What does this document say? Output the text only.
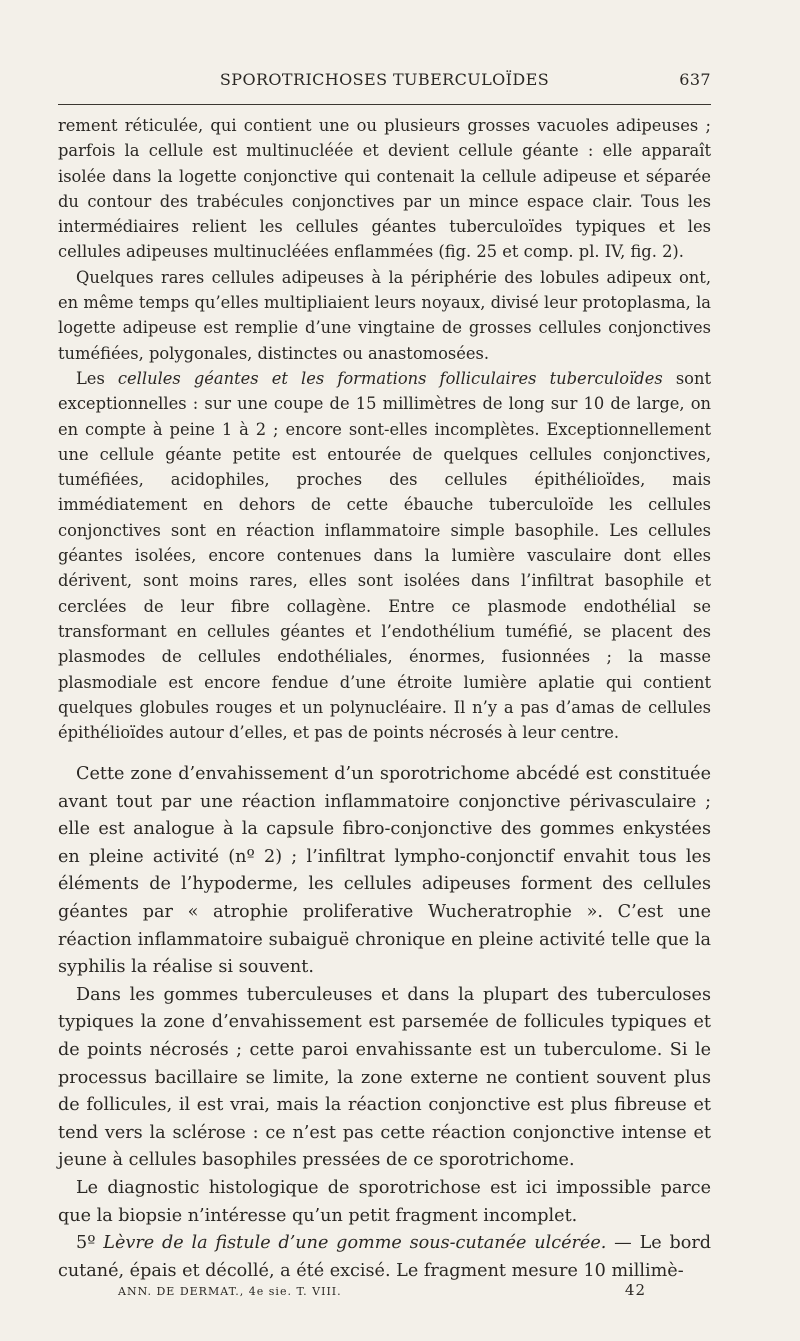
SPOROTRICHOSES TUBERCULOÏDES	637

rement réticulée, qui contient une ou plusieurs grosses vacuoles adipeuses ; parfois la cellule est multinucléée et devient cellule géante : elle apparaît isolée dans la logette conjonctive qui contenait la cellule adipeuse et séparée du contour des trabécules conjonctives par un mince espace clair. Tous les intermédiaires relient les cellules géantes tuberculoïdes typiques et les cellules adipeuses multinucléées enflammées (fig. 25 et comp. pl. IV, fig. 2).

Quelques rares cellules adipeuses à la périphérie des lobules adipeux ont, en même temps qu’elles multipliaient leurs noyaux, divisé leur protoplasma, la logette adipeuse est remplie d’une vingtaine de grosses cellules conjonctives tuméfiées, polygonales, distinctes ou anastomosées.

Les cellules géantes et les formations folliculaires tuberculoïdes sont exceptionnelles : sur une coupe de 15 millimètres de long sur 10 de large, on en compte à peine 1 à 2 ; encore sont-elles incomplètes. Exceptionnellement une cellule géante petite est entourée de quelques cellules conjonctives, tuméfiées, acidophiles, proches des cellules épithélioïdes, mais immédiatement en dehors de cette ébauche tuberculoïde les cellules conjonctives sont en réaction inflammatoire simple basophile. Les cellules géantes isolées, encore contenues dans la lumière vasculaire dont elles dérivent, sont moins rares, elles sont isolées dans l’infiltrat basophile et cerclées de leur fibre collagène. Entre ce plasmode endothélial se transformant en cellules géantes et l’endothélium tuméfié, se placent des plasmodes de cellules endothéliales, énormes, fusionnées ; la masse plasmodiale est encore fendue d’une étroite lumière aplatie qui contient quelques globules rouges et un polynucléaire. Il n’y a pas d’amas de cellules épithélioïdes autour d’elles, et pas de points nécrosés à leur centre.

Cette zone d’envahissement d’un sporotrichome abcédé est constituée avant tout par une réaction inflammatoire conjonctive périvasculaire ; elle est analogue à la capsule fibro-conjonctive des gommes enkystées en pleine activité (nº 2) ; l’infiltrat lympho-conjonctif envahit tous les éléments de l’hypoderme, les cellules adipeuses forment des cellules géantes par « atrophie proliferative Wucheratrophie ». C’est une réaction inflammatoire subaiguë chronique en pleine activité telle que la syphilis la réalise si souvent.

Dans les gommes tuberculeuses et dans la plupart des tuberculoses typiques la zone d’envahissement est parsemée de follicules typiques et de points nécrosés ; cette paroi envahissante est un tuberculome. Si le processus bacillaire se limite, la zone externe ne contient souvent plus de follicules, il est vrai, mais la réaction conjonctive est plus fibreuse et tend vers la sclérose : ce n’est pas cette réaction conjonctive intense et jeune à cellules basophiles pressées de ce sporotrichome.

Le diagnostic histologique de sporotrichose est ici impossible parce que la biopsie n’intéresse qu’un petit fragment incomplet.

5º Lèvre de la fistule d’une gomme sous-cutanée ulcérée. — Le bord cutané, épais et décollé, a été excisé. Le fragment mesure 10 millimè-

ANN. DE DERMAT., 4e sie. T. VIII.	42
